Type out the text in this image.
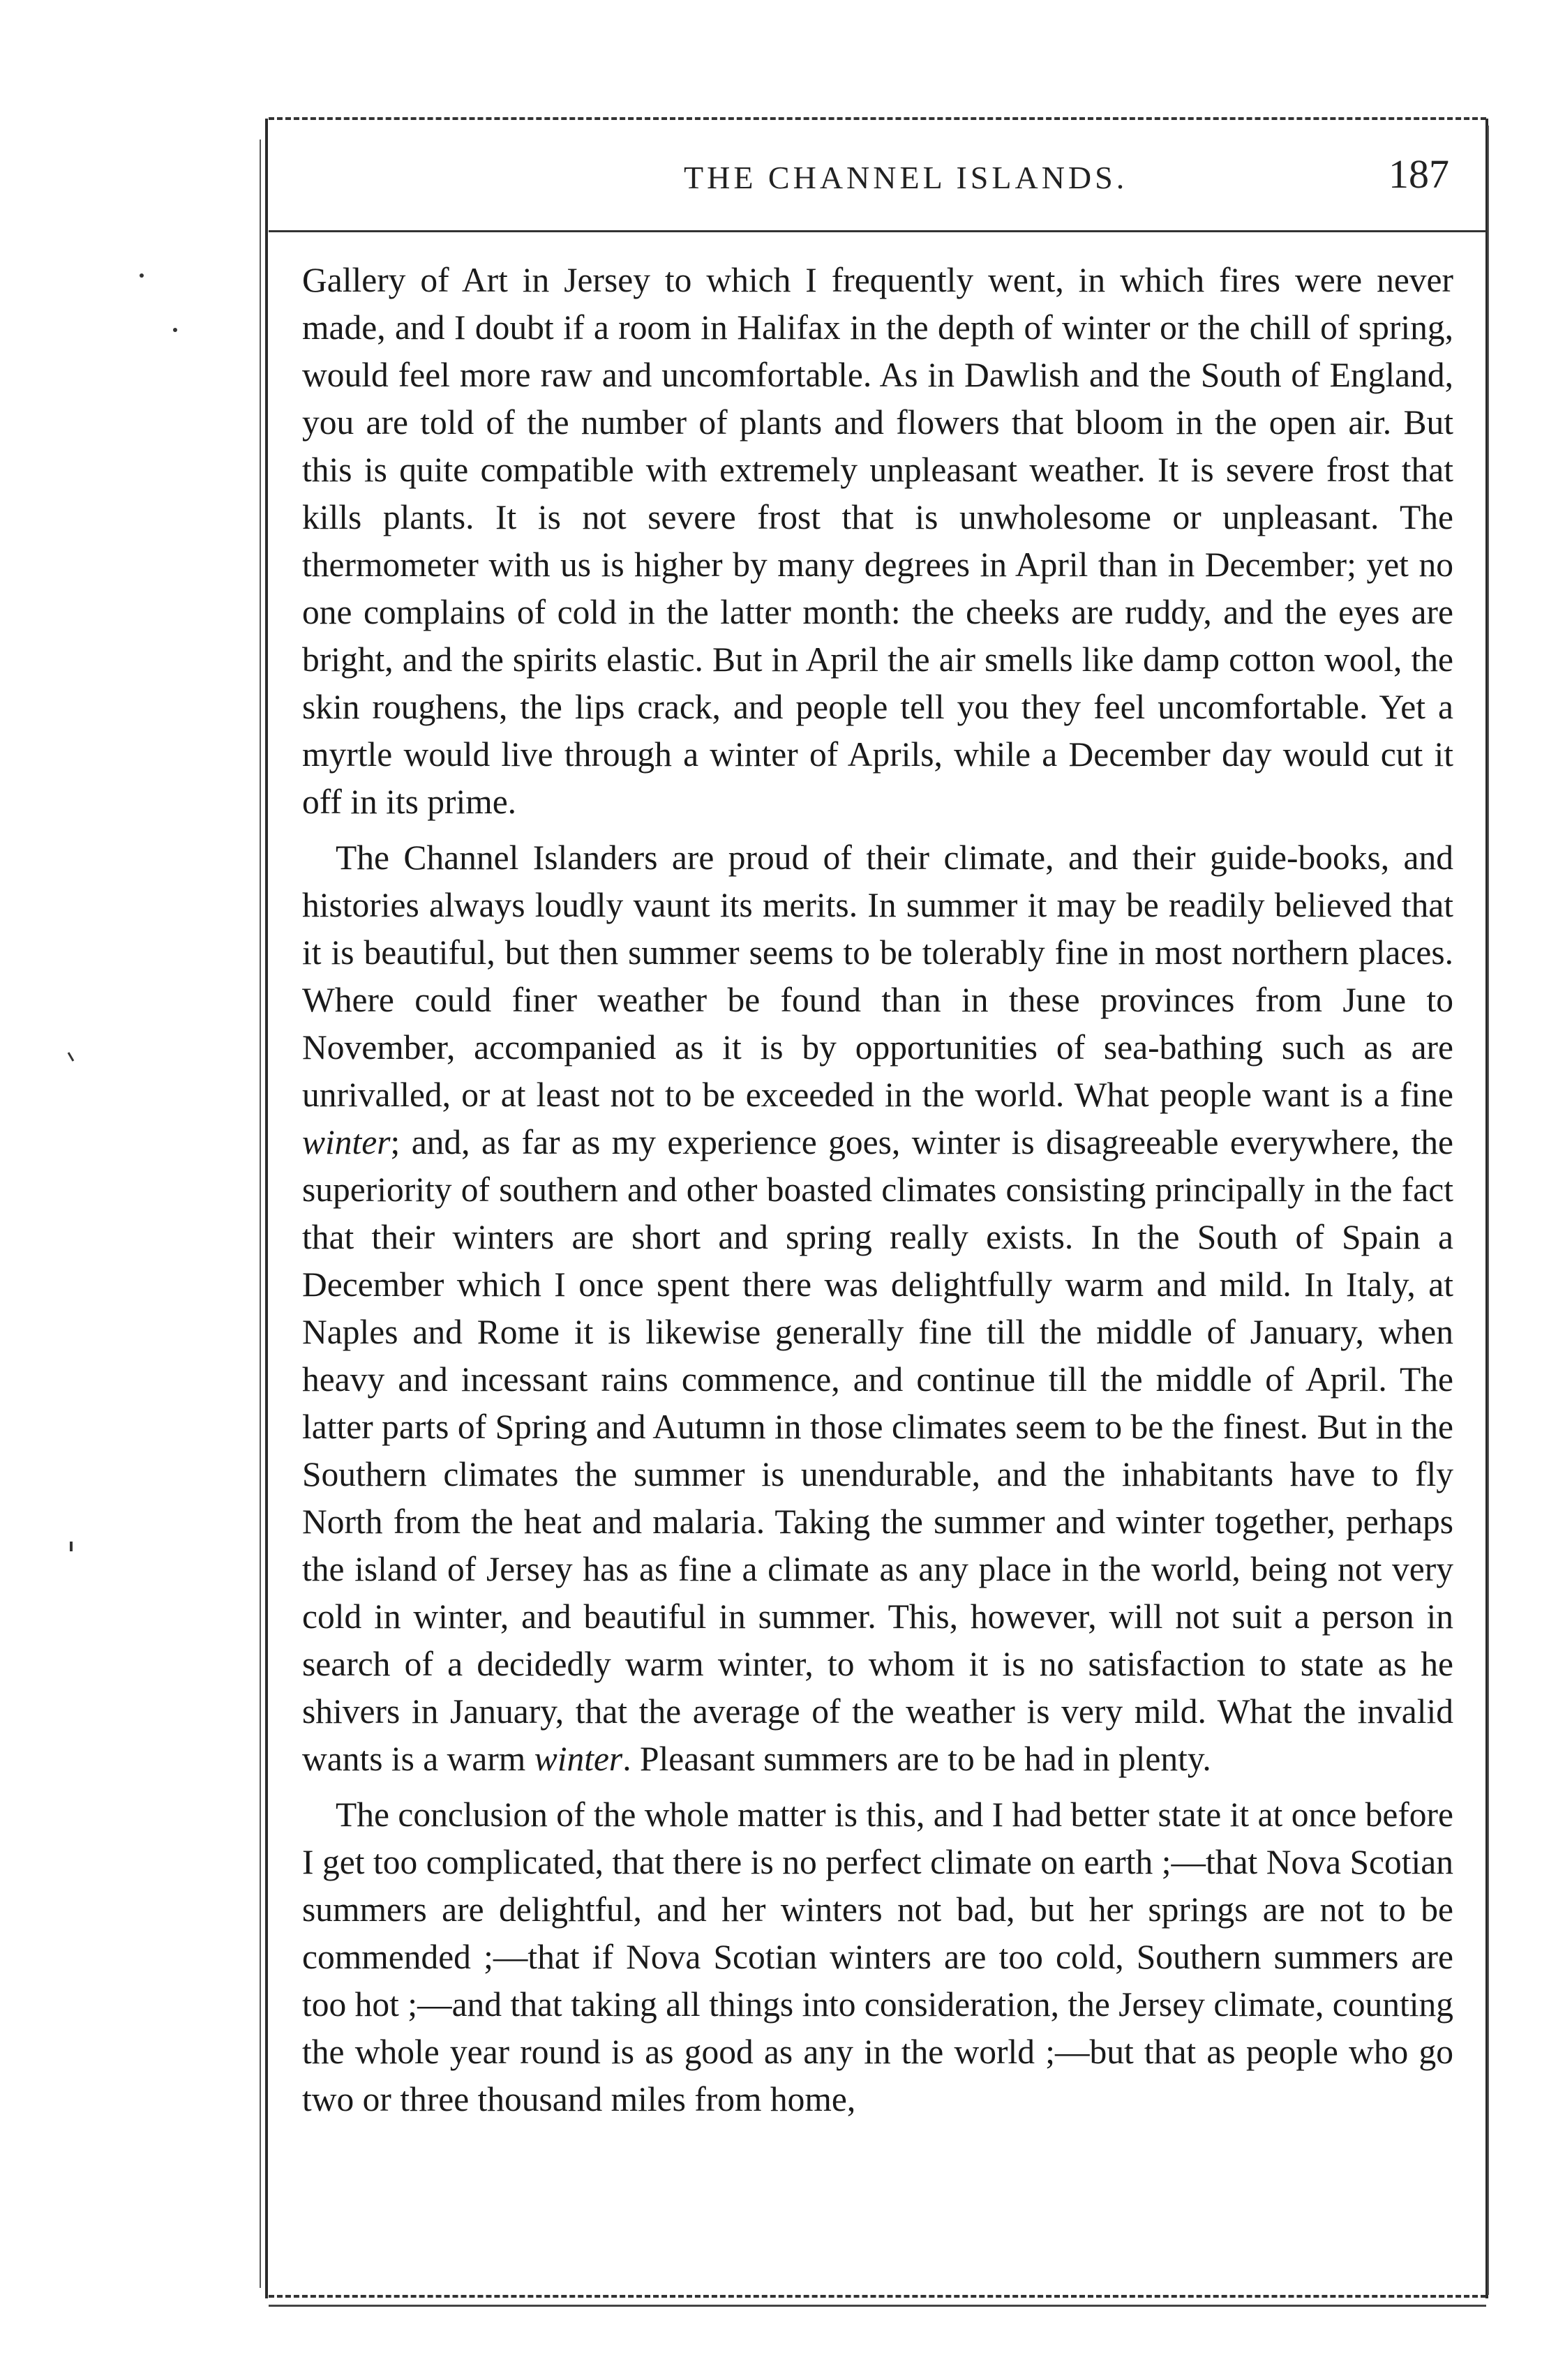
THE CHANNEL ISLANDS.	187

Gallery of Art in Jersey to which I frequently went, in which fires were never made, and I doubt if a room in Halifax in the depth of winter or the chill of spring, would feel more raw and uncomfortable. As in Dawlish and the South of England, you are told of the number of plants and flowers that bloom in the open air. But this is quite compatible with extremely unpleasant weather. It is severe frost that kills plants. It is not severe frost that is unwholesome or unpleasant. The thermometer with us is higher by many degrees in April than in December; yet no one complains of cold in the latter month: the cheeks are ruddy, and the eyes are bright, and the spirits elastic. But in April the air smells like damp cotton wool, the skin roughens, the lips crack, and people tell you they feel uncomfortable. Yet a myrtle would live through a winter of Aprils, while a December day would cut it off in its prime.

The Channel Islanders are proud of their climate, and their guide-books, and histories always loudly vaunt its merits. In summer it may be readily believed that it is beautiful, but then summer seems to be tolerably fine in most northern places. Where could finer weather be found than in these provinces from June to November, accompanied as it is by opportunities of sea-bathing such as are unrivalled, or at least not to be exceeded in the world. What people want is a fine winter; and, as far as my experience goes, winter is disagreeable everywhere, the superiority of southern and other boasted climates consisting principally in the fact that their winters are short and spring really exists. In the South of Spain a December which I once spent there was delightfully warm and mild. In Italy, at Naples and Rome it is likewise generally fine till the middle of January, when heavy and incessant rains commence, and continue till the middle of April. The latter parts of Spring and Autumn in those climates seem to be the finest. But in the Southern climates the summer is unendurable, and the inhabitants have to fly North from the heat and malaria. Taking the summer and winter together, perhaps the island of Jersey has as fine a climate as any place in the world, being not very cold in winter, and beautiful in summer. This, however, will not suit a person in search of a decidedly warm winter, to whom it is no satisfaction to state as he shivers in January, that the average of the weather is very mild. What the invalid wants is a warm winter. Pleasant summers are to be had in plenty.

The conclusion of the whole matter is this, and I had better state it at once before I get too complicated, that there is no perfect climate on earth ;—that Nova Scotian summers are delightful, and her winters not bad, but her springs are not to be commended ;—that if Nova Scotian winters are too cold, Southern summers are too hot ;—and that taking all things into consideration, the Jersey climate, counting the whole year round is as good as any in the world ;—but that as people who go two or three thousand miles from home,
